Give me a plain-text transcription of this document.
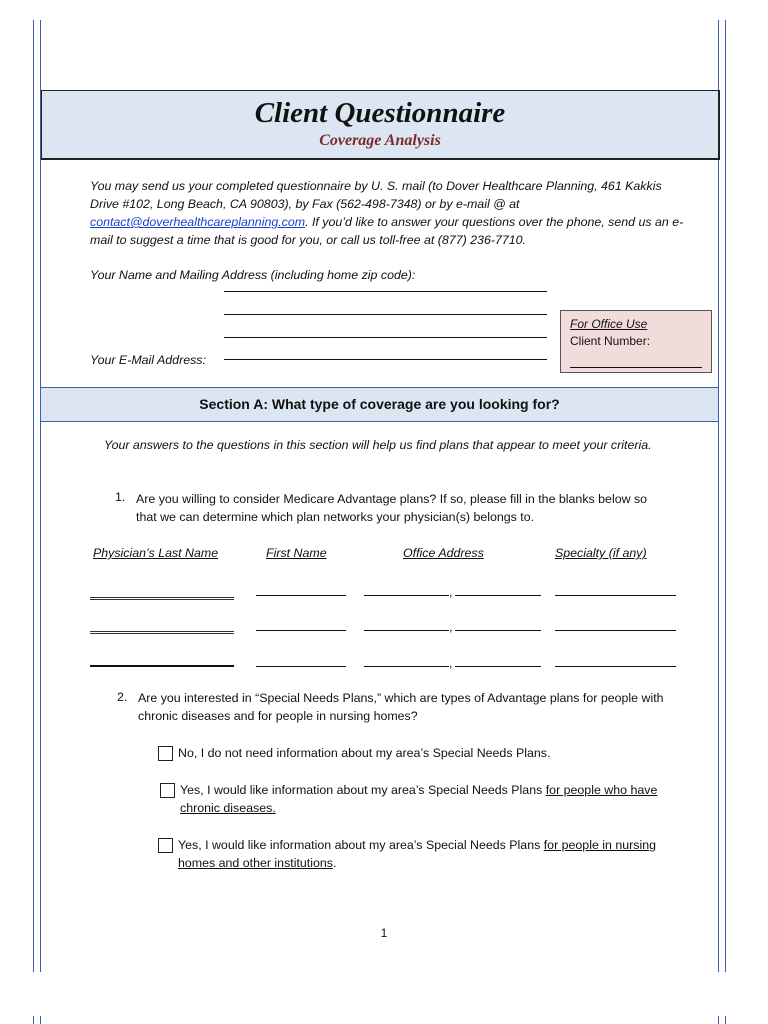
Client Questionnaire
Coverage Analysis
You may send us your completed questionnaire by U. S. mail (to Dover Healthcare Planning, 461 Kakkis Drive #102, Long Beach, CA 90803), by Fax (562-498-7348) or by e-mail @ at contact@doverhealthcareplanning.com. If you’d like to answer your questions over the phone, send us an e-mail to suggest a time that is good for you, or call us toll-free at (877) 236-7710.
Your Name and Mailing Address (including home zip code):
Your E-Mail Address:
For Office Use
Client Number:
Section A: What type of coverage are you looking for?
Your answers to the questions in this section will help us find plans that appear to meet your criteria.
1. Are you willing to consider Medicare Advantage plans? If so, please fill in the blanks below so that we can determine which plan networks your physician(s) belongs to.
Physician’s Last Name	First Name	Office Address	Specialty (if any)
,
,
,
2. Are you interested in “Special Needs Plans,” which are types of Advantage plans for people with chronic diseases and for people in nursing homes?
No, I do not need information about my area’s Special Needs Plans.
Yes, I would like information about my area’s Special Needs Plans for people who have chronic diseases.
Yes, I would like information about my area’s Special Needs Plans for people in nursing homes and other institutions.
1
